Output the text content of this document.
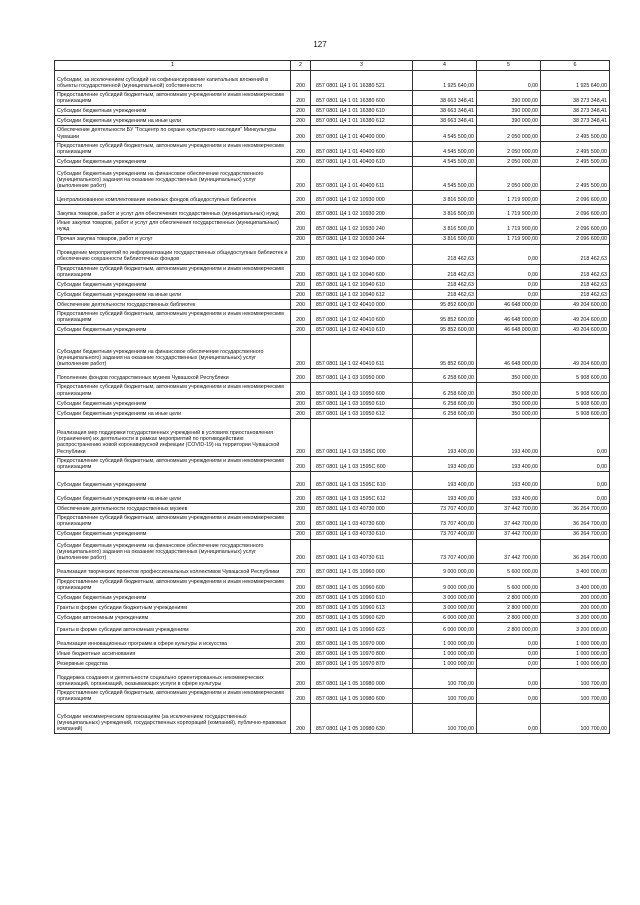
127
1	2	3	4	5	6
Субсидии, за исключением субсидий на софинансирование капитальных вложений в объекты государственной (муниципальной) собственности	200	857 0801 Ц4 1 01 16380 521	1 925 640,00	0,00	1 925 640,00
Предоставление субсидий бюджетным, автономным учреждениям и иным некоммерческим организациям	200	857 0801 Ц4 1 01 16380 600	38 663 348,41	390 000,00	38 273 348,41
Субсидии бюджетным учреждениям	200	857 0801 Ц4 1 01 16380 610	38 663 348,41	390 000,00	38 273 348,41
Субсидии бюджетным учреждениям на иные цели	200	857 0801 Ц4 1 01 16380 612	38 663 348,41	390 000,00	38 273 348,41
Обеспечение деятельности БУ "Госцентр по охране культурного наследия" Минкультуры Чувашии	200	857 0801 Ц4 1 01 40400 000	4 545 500,00	2 050 000,00	2 495 500,00
Предоставление субсидий бюджетным, автономным учреждениям и иным некоммерческим организациям	200	857 0801 Ц4 1 01 40400 600	4 545 500,00	2 050 000,00	2 495 500,00
Субсидии бюджетным учреждениям	200	857 0801 Ц4 1 01 40400 610	4 545 500,00	2 050 000,00	2 495 500,00
Субсидии бюджетным учреждениям на финансовое обеспечение государственного (муниципального) задания на оказание государственных (муниципальных) услуг (выполнение работ)	200	857 0801 Ц4 1 01 40400 611	4 545 500,00	2 050 000,00	2 495 500,00
Централизованное комплектование книжных фондов общедоступных библиотек	200	857 0801 Ц4 1 02 10930 000	3 816 500,00	1 719 900,00	2 096 600,00
Закупка товаров, работ и услуг для обеспечения государственных (муниципальных) нужд	200	857 0801 Ц4 1 02 10930 200	3 816 500,00	1 719 900,00	2 096 600,00
Иные закупки товаров, работ и услуг для обеспечения государственных (муниципальных) нужд	200	857 0801 Ц4 1 02 10930 240	3 816 500,00	1 719 900,00	2 096 600,00
Прочая закупка товаров, работ и услуг	200	857 0801 Ц4 1 02 10930 244	3 816 500,00	1 719 900,00	2 096 600,00
Проведение мероприятий по информатизации государственных общедоступных библиотек и обеспечению сохранности библиотечных фондов	200	857 0801 Ц4 1 02 10940 000	218 462,63	0,00	218 462,63
Предоставление субсидий бюджетным, автономным учреждениям и иным некоммерческим организациям	200	857 0801 Ц4 1 02 10940 600	218 462,63	0,00	218 462,63
Субсидии бюджетным учреждениям	200	857 0801 Ц4 1 02 10940 610	218 462,63	0,00	218 462,63
Субсидии бюджетным учреждениям на иные цели	200	857 0801 Ц4 1 02 10940 612	218 462,63	0,00	218 462,63
Обеспечение деятельности государственных библиотек	200	857 0801 Ц4 1 02 40410 000	95 852 600,00	46 648 000,00	49 204 600,00
Предоставление субсидий бюджетным, автономным учреждениям и иным некоммерческим организациям	200	857 0801 Ц4 1 02 40410 600	95 852 600,00	46 648 000,00	49 204 600,00
Субсидии бюджетным учреждениям	200	857 0801 Ц4 1 02 40410 610	95 852 600,00	46 648 000,00	49 204 600,00
Субсидии бюджетным учреждениям на финансовое обеспечение государственного (муниципального) задания на оказание государственных (муниципальных) услуг (выполнение работ)	200	857 0801 Ц4 1 02 40410 611	95 852 600,00	46 648 000,00	49 204 600,00
Пополнение фондов государственных музеев Чувашской Республики	200	857 0801 Ц4 1 03 10950 000	6 258 600,00	350 000,00	5 908 600,00
Предоставление субсидий бюджетным, автономным учреждениям и иным некоммерческим организациям	200	857 0801 Ц4 1 03 10950 600	6 258 600,00	350 000,00	5 908 600,00
Субсидии бюджетным учреждениям	200	857 0801 Ц4 1 03 10950 610	6 258 600,00	350 000,00	5 908 600,00
Субсидии бюджетным учреждениям на иные цели	200	857 0801 Ц4 1 03 10950 612	6 258 600,00	350 000,00	5 908 600,00
Реализация мер поддержки государственных учреждений в условиях приостановления (ограничения) их деятельности в рамках мероприятий по противодействию распространению новой коронавирусной инфекции (COVID-19) на территории Чувашской Республики	200	857 0801 Ц4 1 03 1595C 000	193 400,00	193 400,00	0,00
Предоставление субсидий бюджетным, автономным учреждениям и иным некоммерческим организациям	200	857 0801 Ц4 1 03 1595C 600	193 400,00	193 400,00	0,00
Субсидии бюджетным учреждениям	200	857 0801 Ц4 1 03 1595C 610	193 400,00	193 400,00	0,00
Субсидии бюджетным учреждениям на иные цели	200	857 0801 Ц4 1 03 1595C 612	193 400,00	193 400,00	0,00
Обеспечение деятельности государственных музеев	200	857 0801 Ц4 1 03 40730 000	73 707 400,00	37 442 700,00	36 264 700,00
Предоставление субсидий бюджетным, автономным учреждениям и иным некоммерческим организациям	200	857 0801 Ц4 1 03 40730 600	73 707 400,00	37 442 700,00	36 264 700,00
Субсидии бюджетным учреждениям	200	857 0801 Ц4 1 03 40730 610	73 707 400,00	37 442 700,00	36 264 700,00
Субсидии бюджетным учреждениям на финансовое обеспечение государственного (муниципального) задания на оказание государственных (муниципальных) услуг (выполнение работ)	200	857 0801 Ц4 1 03 40730 611	73 707 400,00	37 442 700,00	36 264 700,00
Реализация творческих проектов профессиональных коллективов Чувашской Республики	200	857 0801 Ц4 1 05 10960 000	9 000 000,00	5 600 000,00	3 400 000,00
Предоставление субсидий бюджетным, автономным учреждениям и иным некоммерческим организациям	200	857 0801 Ц4 1 05 10960 600	9 000 000,00	5 600 000,00	3 400 000,00
Субсидии бюджетным учреждениям	200	857 0801 Ц4 1 05 10960 610	3 000 000,00	2 800 000,00	200 000,00
Гранты в форме субсидии бюджетным учреждениям	200	857 0801 Ц4 1 05 10960 613	3 000 000,00	2 800 000,00	200 000,00
Субсидии автономным учреждениям	200	857 0801 Ц4 1 05 10960 620	6 000 000,00	2 800 000,00	3 200 000,00
Гранты в форме субсидии автономным учреждениям	200	857 0801 Ц4 1 05 10960 623	6 000 000,00	2 800 000,00	3 200 000,00
Реализация инновационных программ в сфере культуры и искусства	200	857 0801 Ц4 1 05 10970 000	1 000 000,00	0,00	1 000 000,00
Иные бюджетные ассигнования	200	857 0801 Ц4 1 05 10970 800	1 000 000,00	0,00	1 000 000,00
Резервные средства	200	857 0801 Ц4 1 05 10970 870	1 000 000,00	0,00	1 000 000,00
Поддержка создания и деятельности социально ориентированных некоммерческих организаций, организаций, оказывающих услуги в сфере культуры	200	857 0801 Ц4 1 05 10980 000	100 700,00	0,00	100 700,00
Предоставление субсидий бюджетным, автономным учреждениям и иным некоммерческим организациям	200	857 0801 Ц4 1 05 10980 600	100 700,00	0,00	100 700,00
Субсидии некоммерческим организациям (за исключением государственных (муниципальных) учреждений, государственных корпораций (компаний), публично-правовых компаний)	200	857 0801 Ц4 1 05 10980 630	100 700,00	0,00	100 700,00
